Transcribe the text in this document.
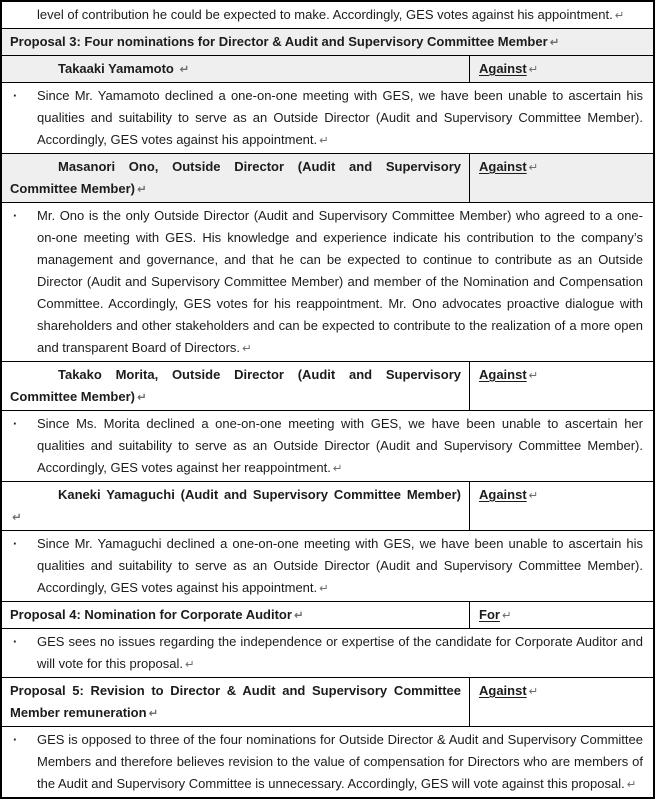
level of contribution he could be expected to make. Accordingly, GES votes against his appointment. ↵
Proposal 3: Four nominations for Director & Audit and Supervisory Committee Member ↵
Takaaki Yamamoto ↵	Against ↵
· Since Mr. Yamamoto declined a one-on-one meeting with GES, we have been unable to ascertain his qualities and suitability to serve as an Outside Director (Audit and Supervisory Committee Member). Accordingly, GES votes against his appointment. ↵
Masanori Ono, Outside Director (Audit and Supervisory Committee Member) ↵
Against ↵
· Mr. Ono is the only Outside Director (Audit and Supervisory Committee Member) who agreed to a one-on-one meeting with GES. His knowledge and experience indicate his contribution to the company’s management and governance, and that he can be expected to continue to contribute as an Outside Director (Audit and Supervisory Committee Member) and member of the Nomination and Compensation Committee. Accordingly, GES votes for his reappointment. Mr. Ono advocates proactive dialogue with shareholders and other stakeholders and can be expected to contribute to the realization of a more open and transparent Board of Directors. ↵
Takako Morita, Outside Director (Audit and Supervisory Committee Member) ↵
Against ↵
· Since Ms. Morita declined a one-on-one meeting with GES, we have been unable to ascertain her qualities and suitability to serve as an Outside Director (Audit and Supervisory Committee Member). Accordingly, GES votes against her reappointment. ↵
Kaneki Yamaguchi (Audit and Supervisory Committee Member) ↵
Against ↵
· Since Mr. Yamaguchi declined a one-on-one meeting with GES, we have been unable to ascertain his qualities and suitability to serve as an Outside Director (Audit and Supervisory Committee Member). Accordingly, GES votes against his appointment. ↵
Proposal 4: Nomination for Corporate Auditor ↵	For ↵
· GES sees no issues regarding the independence or expertise of the candidate for Corporate Auditor and will vote for this proposal. ↵
Proposal 5: Revision to Director & Audit and Supervisory Committee Member remuneration ↵
Against ↵
· GES is opposed to three of the four nominations for Outside Director & Audit and Supervisory Committee Members and therefore believes revision to the value of compensation for Directors who are members of the Audit and Supervisory Committee is unnecessary. Accordingly, GES will vote against this proposal. ↵
